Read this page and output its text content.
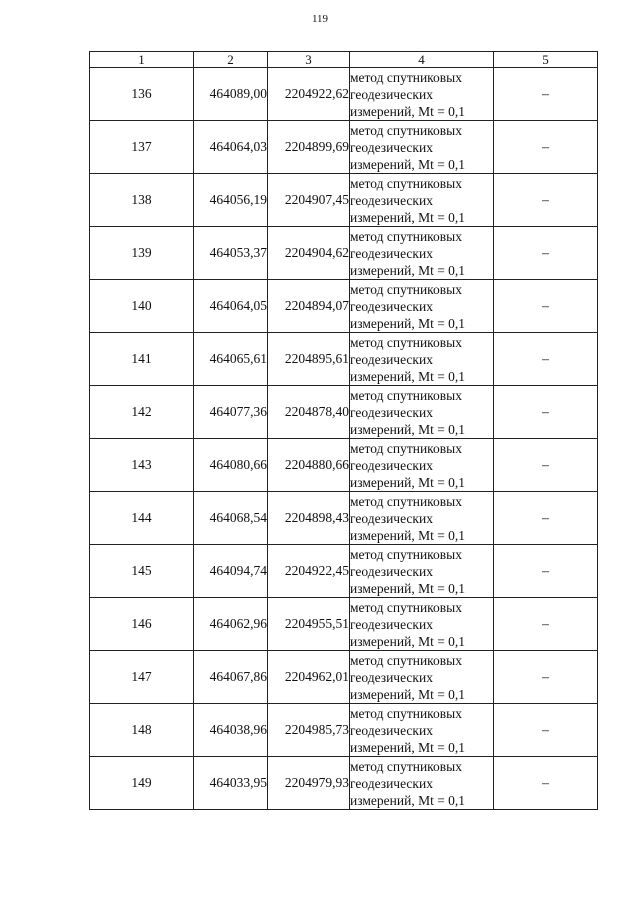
119
1	2	3	4	5
136	464089,00	2204922,62	метод спутниковых
геодезических
измерений, Mt = 0,1	–
137	464064,03	2204899,69	метод спутниковых
геодезических
измерений, Mt = 0,1	–
138	464056,19	2204907,45	метод спутниковых
геодезических
измерений, Mt = 0,1	–
139	464053,37	2204904,62	метод спутниковых
геодезических
измерений, Mt = 0,1	–
140	464064,05	2204894,07	метод спутниковых
геодезических
измерений, Mt = 0,1	–
141	464065,61	2204895,61	метод спутниковых
геодезических
измерений, Mt = 0,1	–
142	464077,36	2204878,40	метод спутниковых
геодезических
измерений, Mt = 0,1	–
143	464080,66	2204880,66	метод спутниковых
геодезических
измерений, Mt = 0,1	–
144	464068,54	2204898,43	метод спутниковых
геодезических
измерений, Mt = 0,1	–
145	464094,74	2204922,45	метод спутниковых
геодезических
измерений, Mt = 0,1	–
146	464062,96	2204955,51	метод спутниковых
геодезических
измерений, Mt = 0,1	–
147	464067,86	2204962,01	метод спутниковых
геодезических
измерений, Mt = 0,1	–
148	464038,96	2204985,73	метод спутниковых
геодезических
измерений, Mt = 0,1	–
149	464033,95	2204979,93	метод спутниковых
геодезических
измерений, Mt = 0,1	–
